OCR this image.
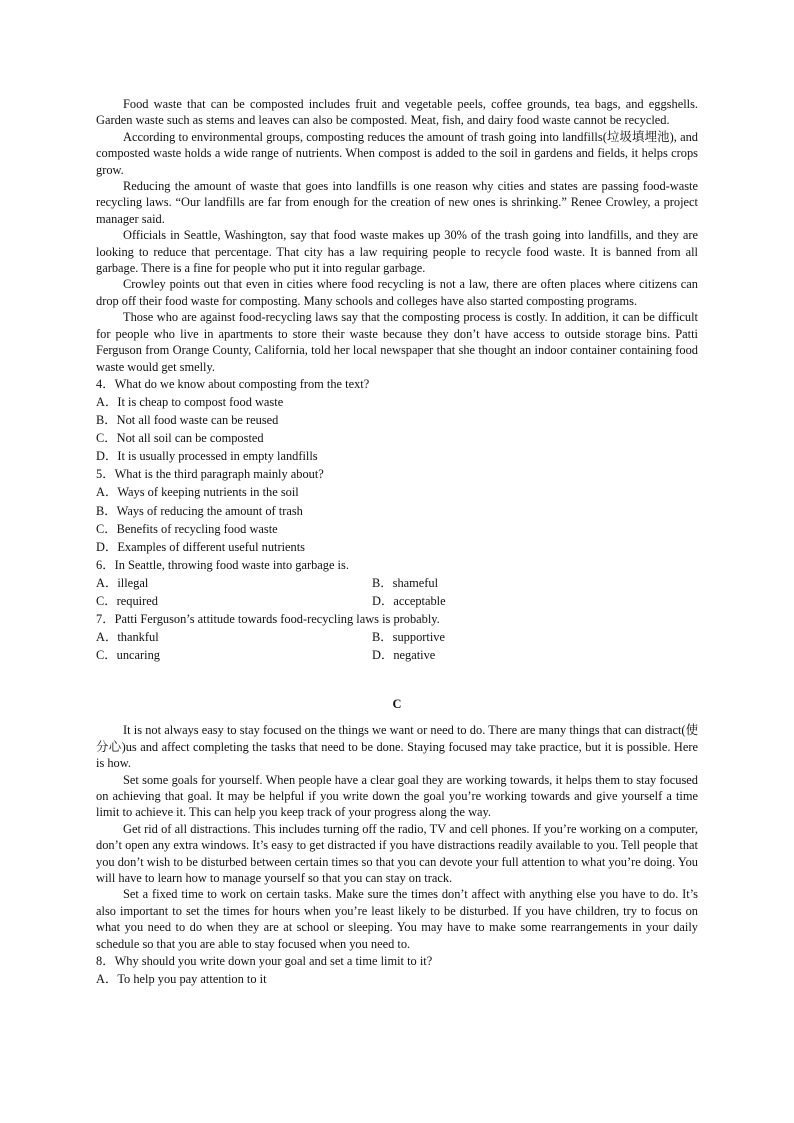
Food waste that can be composted includes fruit and vegetable peels, coffee grounds, tea bags, and eggshells. Garden waste such as stems and leaves can also be composted. Meat, fish, and dairy food waste cannot be recycled.

According to environmental groups, composting reduces the amount of trash going into landfills(垃圾填埋池), and composted waste holds a wide range of nutrients. When compost is added to the soil in gardens and fields, it helps crops grow.

Reducing the amount of waste that goes into landfills is one reason why cities and states are passing food-waste recycling laws. “Our landfills are far from enough for the creation of new ones is shrinking.” Renee Crowley, a project manager said.

Officials in Seattle, Washington, say that food waste makes up 30% of the trash going into landfills, and they are looking to reduce that percentage. That city has a law requiring people to recycle food waste. It is banned from all garbage. There is a fine for people who put it into regular garbage.

Crowley points out that even in cities where food recycling is not a law, there are often places where citizens can drop off their food waste for composting. Many schools and colleges have also started composting programs.

Those who are against food-recycling laws say that the composting process is costly. In addition, it can be difficult for people who live in apartments to store their waste because they don’t have access to outside storage bins. Patti Ferguson from Orange County, California, told her local newspaper that she thought an indoor container containing food waste would get smelly.

4．What do we know about composting from the text?

A．It is cheap to compost food waste

B．Not all food waste can be reused

C．Not all soil can be composted

D．It is usually processed in empty landfills

5．What is the third paragraph mainly about?

A．Ways of keeping nutrients in the soil

B．Ways of reducing the amount of trash

C．Benefits of recycling food waste

D．Examples of different useful nutrients

6．In Seattle, throwing food waste into garbage is.

A．illegal	B．shameful
C．required	D．acceptable

7．Patti Ferguson’s attitude towards food-recycling laws is probably.

A．thankful	B．supportive
C．uncaring	D．negative
C

It is not always easy to stay focused on the things we want or need to do. There are many things that can distract(使分心)us and affect completing the tasks that need to be done. Staying focused may take practice, but it is possible. Here is how.

Set some goals for yourself. When people have a clear goal they are working towards, it helps them to stay focused on achieving that goal. It may be helpful if you write down the goal you’re working towards and give yourself a time limit to achieve it. This can help you keep track of your progress along the way.

Get rid of all distractions. This includes turning off the radio, TV and cell phones. If you’re working on a computer, don’t open any extra windows. It’s easy to get distracted if you have distractions readily available to you. Tell people that you don’t wish to be disturbed between certain times so that you can devote your full attention to what you’re doing. You will have to learn how to manage yourself so that you can stay on track.

Set a fixed time to work on certain tasks. Make sure the times don’t affect with anything else you have to do. It’s also important to set the times for hours when you’re least likely to be disturbed. If you have children, try to focus on what you need to do when they are at school or sleeping. You may have to make some rearrangements in your daily schedule so that you are able to stay focused when you need to.

8．Why should you write down your goal and set a time limit to it?

A．To help you pay attention to it
